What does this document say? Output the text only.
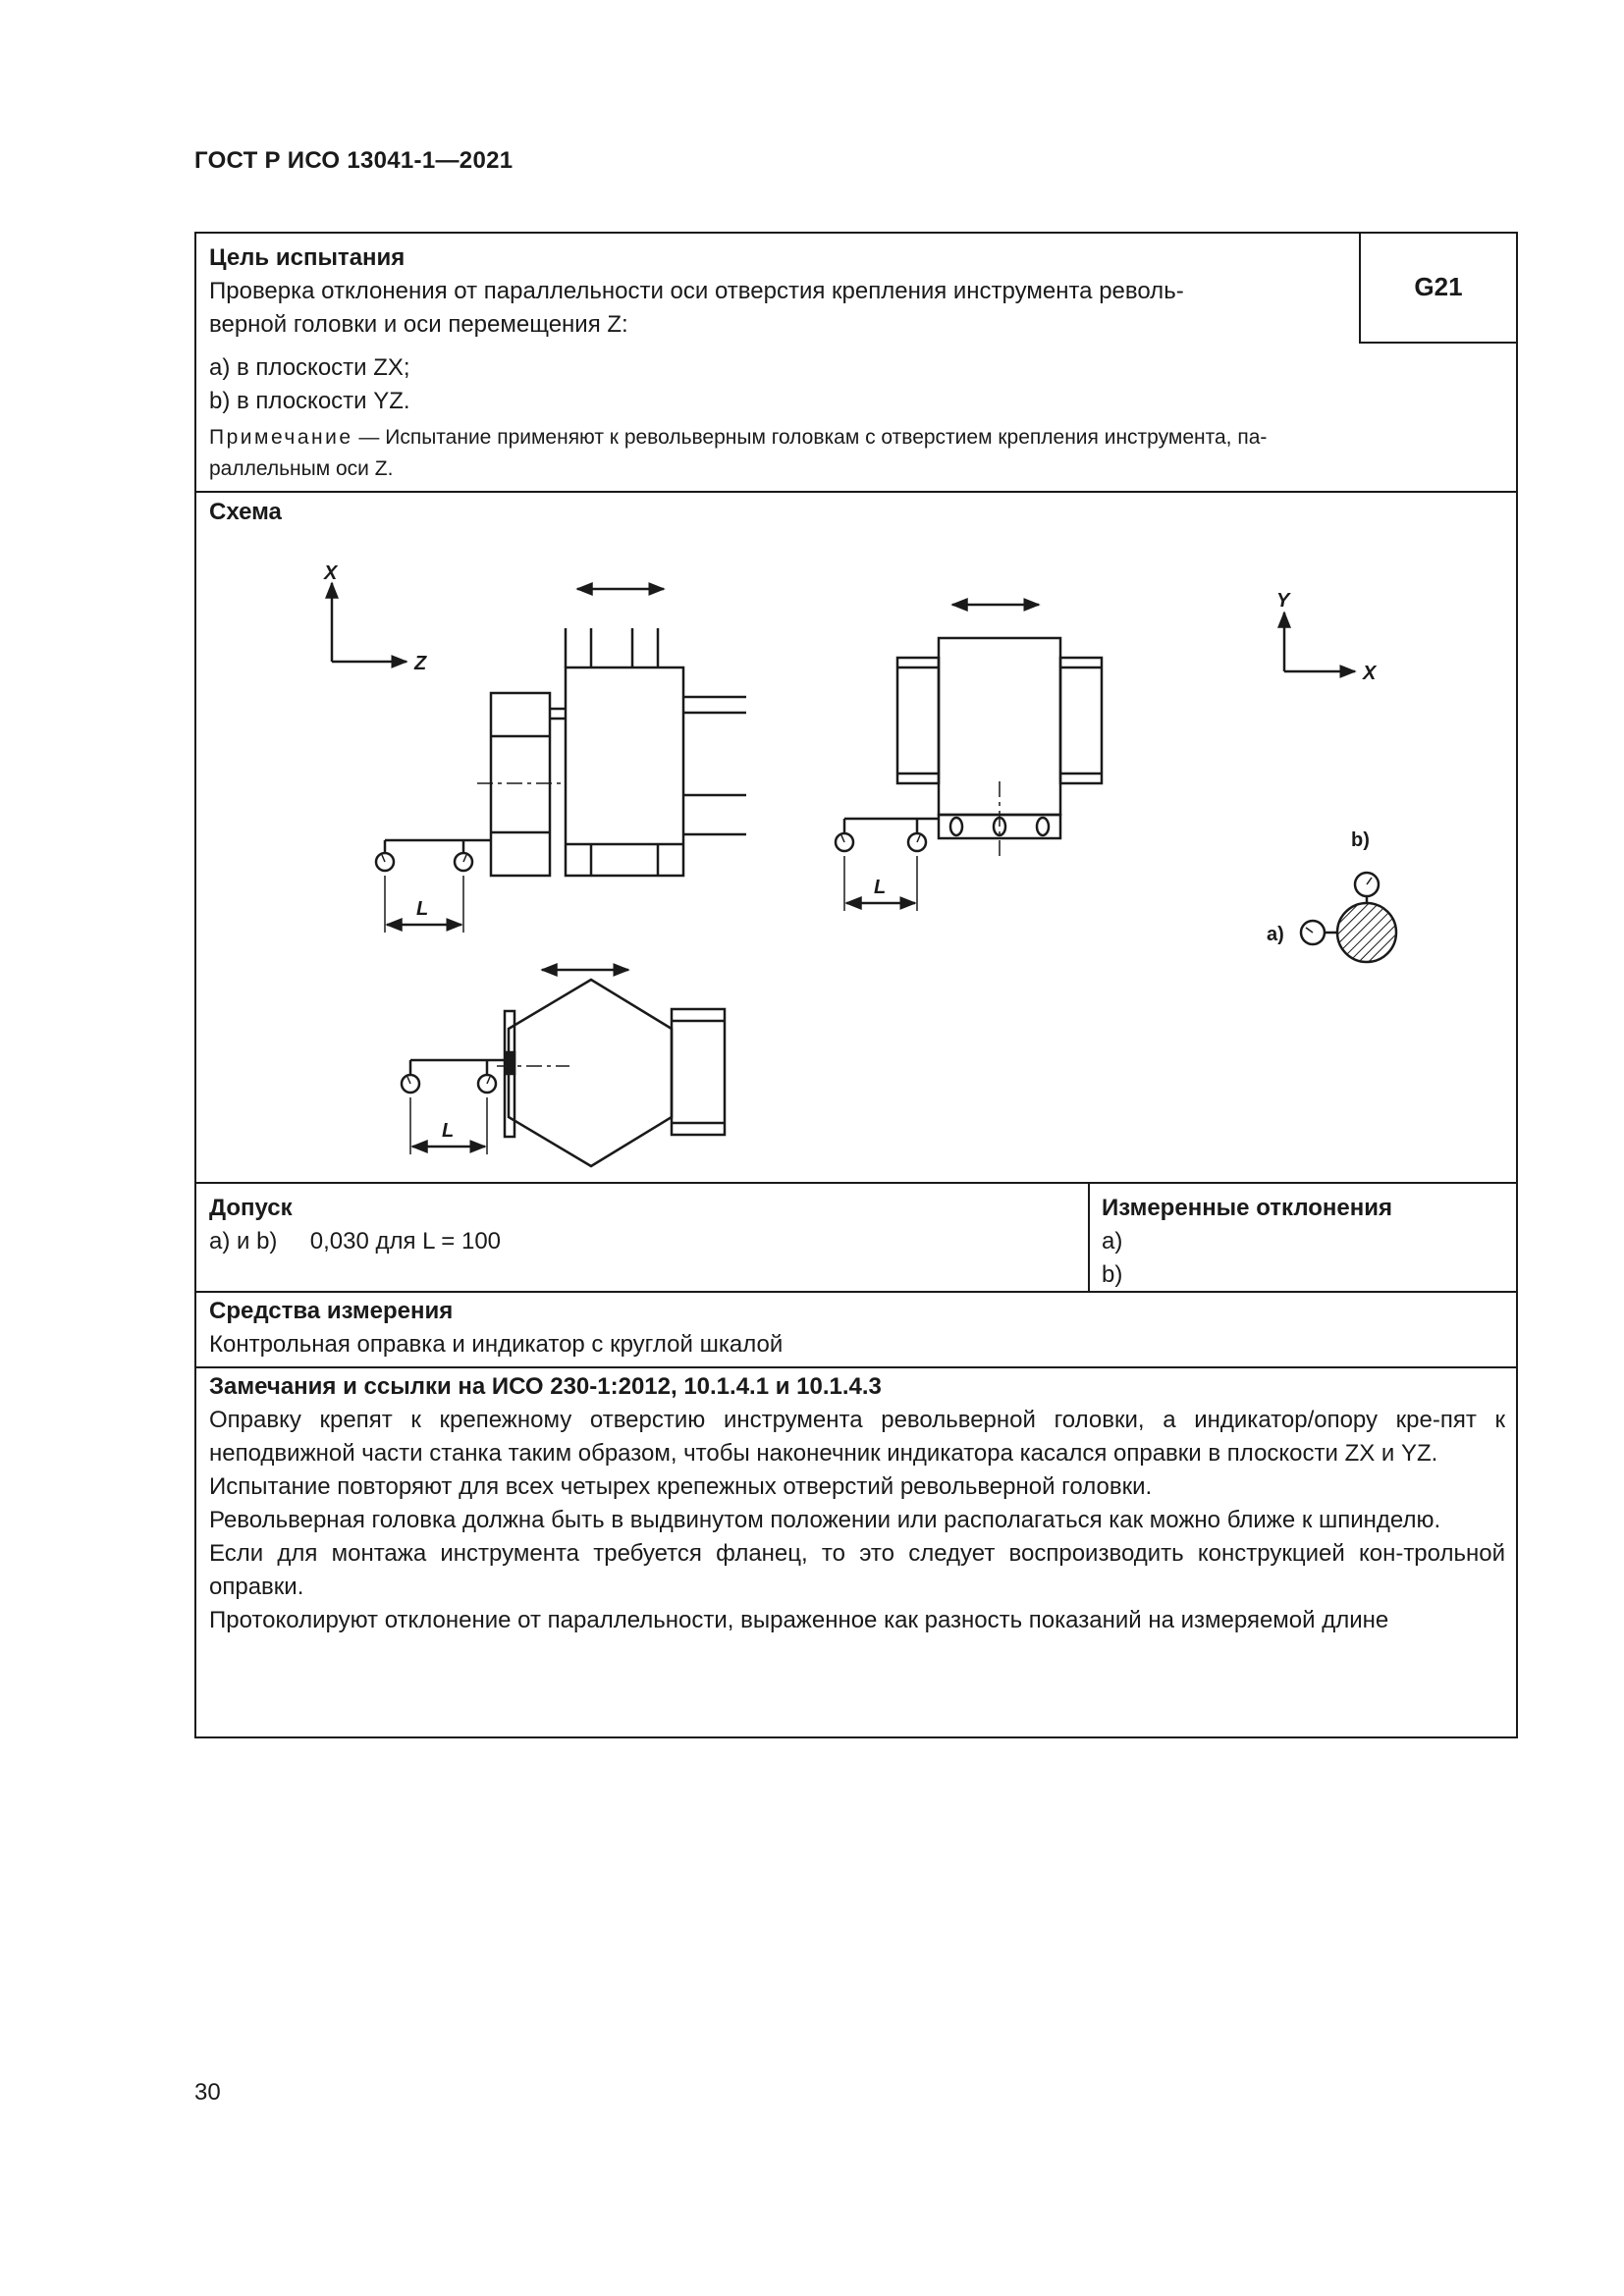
ГОСТ Р ИСО 13041-1—2021
Цель испытания
Проверка отклонения от параллельности оси отверстия крепления инструмента револь-
верной головки и оси перемещения Z:
a) в плоскости ZX;
b) в плоскости YZ.
G21
Примечание — Испытание применяют к револьверным головкам с отверстием крепления инструмента, па-
раллельным оси Z.
Схема
X
Z
Y
X
L
L
L
b)
a)
Допуск
a) и b)     0,030 для L = 100
Измеренные отклонения
a)
b)
Средства измерения
Контрольная оправка и индикатор с круглой шкалой
Замечания и ссылки на ИСО 230-1:2012, 10.1.4.1 и 10.1.4.3

Оправку крепят к крепежному отверстию инструмента револьверной головки, а индикатор/опору кре-пят к неподвижной части станка таким образом, чтобы наконечник индикатора касался оправки в плоскости ZX и YZ.

Испытание повторяют для всех четырех крепежных отверстий револьверной головки.

Револьверная головка должна быть в выдвинутом положении или располагаться как можно ближе к шпинделю.

Если для монтажа инструмента требуется фланец, то это следует воспроизводить конструкцией кон-трольной оправки.

Протоколируют отклонение от параллельности, выраженное как разность показаний на измеряемой длине

30
